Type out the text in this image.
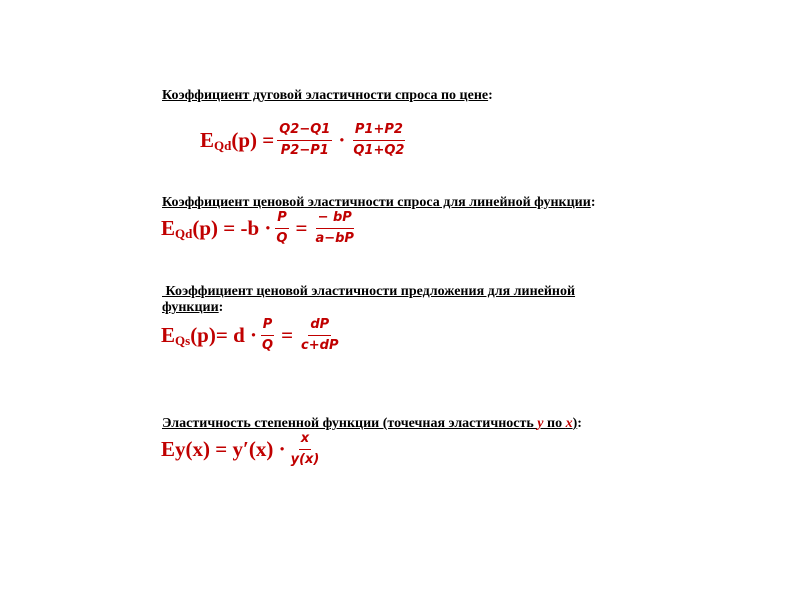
Коэффициент дуговой эластичности спроса по цене:
E Qd $(p) = \frac{Q2-Q1}{P2-P1} \cdot \frac{P1+P2}{Q1+Q2}$
Коэффициент ценовой эластичности спроса для линейной функции:
E Qd $(p) = -b \cdot \frac{P}{Q} = \frac{- bP}{a-bP}$
Коэффициент ценовой эластичности предложения для линейной
функции:
E Qs $(p)= d \cdot \frac{P}{Q} = \frac{dP}{c+dP}$
Эластичность степенной функции (точечная эластичность y по x):
$Ey(x) = y'(x) \cdot \frac{x}{y(x)}$
